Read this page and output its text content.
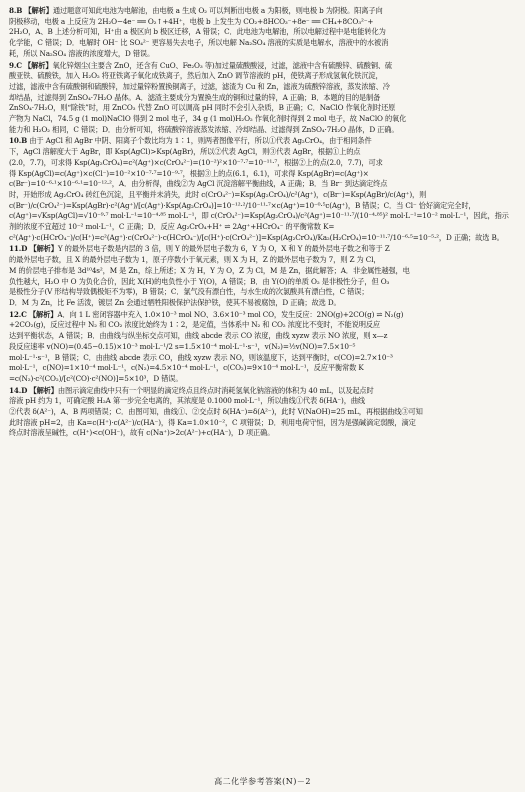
8.B 【解析】通过题意可知此电池为电解池，由电极 a 生成 O₂ 可以判断出电极 a 为阳极，则电极 b 为阴极。阳离子向
阴极移动，电极 a 上反应为 2H₂O−4e⁻ ══ O₂↑+4H⁺，电极 b 上发生为 CO₂+8HCO₃⁻+8e⁻ ══ CH₄+8CO₃²⁻+
2H₂O，A、B 上述分析可知，H⁺由 a 极区向 b 极区迁移，A 错误；C．此电池为电解池，所以电解过程中是电能转化为
化学能，C 错误；D．电解时 OH⁻ 比 SO₄²⁻ 更容易失去电子，所以电解 Na₂SO₄ 溶液的实质是电解水，溶液中的水被消
耗，所以 Na₂SO₄ 溶液的浓度增大，D 错误。
9.C 【解析】氧化锌烟尘(主要含 ZnO，还含有 CuO、Fe₂O₃ 等)加过量硫酸酸浸，过滤，滤液中含有硫酸锌、硫酸铜、硫
酸亚铁、硫酸铁，加入 H₂O₂ 将亚铁离子氧化成铁离子，然后加入 ZnO 调节溶液的 pH，使铁离子形成氢氧化铁沉淀，
过滤，滤液中含有硫酸铜和硫酸锌，加过量锌粉置换铜离子，过滤，滤渣为 Cu 和 Zn，滤液为硫酸锌溶液，蒸发浓缩、冷
却结晶，过滤得到 ZnSO₄·7H₂O 晶体。A．滤渣主要成分为置换生成的铜和过量的锌，A 正确；B．本题的目的是制备
ZnSO₄·7H₂O，则“除铁”时，用 ZnCO₃ 代替 ZnO 可以调高 pH 同时不会引入杂质，B 正确；C．NaClO 作氧化剂时还原
产物为 NaCl，74.5 g (1 mol)NaClO 得到 2 mol 电子，34 g (1 mol)H₂O₂ 作氧化剂时得到 2 mol 电子，故 NaClO 的氧化
能力和 H₂O₂ 相同，C 错误；D．由分析可知，将硫酸锌溶液蒸发浓缩、冷却结晶、过滤得到 ZnSO₄·7H₂O 晶体，D 正确。
10.B 由于 AgCl 和 AgBr 中阴、阳离子个数比均为 1∶1，则两者图像平行，所以①代表 Ag₂CrO₄，由于相同条件
下，AgCl 溶解度大于 AgBr，即 Ksp(AgCl)>Ksp(AgBr)，所以②代表 AgCl，则③代表 AgBr，根据①上的点
(2.0，7.7)，可求得 Ksp(Ag₂CrO₄)=c²(Ag⁺)×c(CrO₄²⁻)=(10⁻²)²×10⁻⁷·⁷=10⁻¹¹·⁷，根据②上的点(2.0，7.7)，可求
得 Ksp(AgCl)=c(Ag⁺)×c(Cl⁻)=10⁻²×10⁻⁷·⁷=10⁻⁹·⁷，根据③上的点(6.1，6.1)，可求得 Ksp(AgBr)=c(Ag⁺)×
c(Br⁻)=10⁻⁶·¹×10⁻⁶·¹=10⁻¹²·²，A．由分析得，曲线②为 AgCl 沉淀溶解平衡曲线，A 正确；B．当 Br⁻ 到达滴定终点
时，开始形成 Ag₂CrO₄ 砖红色沉淀，且平衡并未消失，此时 c(CrO₄²⁻)=Ksp(Ag₂CrO₄)/c²(Ag⁺)，c(Br⁻)=Ksp(AgBr)/c(Ag⁺)，则
c(Br⁻)/c(CrO₄²⁻)=Ksp(AgBr)·c²(Ag⁺)/[c(Ag⁺)·Ksp(Ag₂CrO₄)]=10⁻¹²·²/10⁻¹¹·⁷×c(Ag⁺)=10⁻⁰·⁵c(Ag⁺)，B 错误；C．当 Cl⁻ 恰好滴定完全时，
c(Ag⁺)=√Ksp(AgCl)=√10⁻⁹·⁷ mol·L⁻¹=10⁻⁴·⁸⁵ mol·L⁻¹，即 c(CrO₄²⁻)=Ksp(Ag₂CrO₄)/c²(Ag⁺)=10⁻¹¹·⁷/(10⁻⁴·⁸⁵)² mol·L⁻¹=10⁻² mol·L⁻¹，因此，指示
剂的浓度不宜超过 10⁻² mol·L⁻¹，C 正确；D．反应 Ag₂CrO₄+H⁺ ⇌ 2Ag⁺+HCrO₄⁻ 的平衡常数 K=
c²(Ag⁺)·c(HCrO₄⁻)/c(H⁺)=c²(Ag⁺)·c(CrO₄²⁻)·c(HCrO₄⁻)/[c(H⁺)·c(CrO₄²⁻)]=Ksp(Ag₂CrO₄)/Ka₂(H₂CrO₄)=10⁻¹¹·⁷/10⁻⁶·⁵=10⁻⁵·²，D 正确；故选 B。
11.D 【解析】Y 的最外层电子数是内层的 3 倍，则 Y 的最外层电子数为 6，Y 为 O，X 和 Y 的最外层电子数之和等于 Z
的最外层电子数，且 X 的最外层电子数为 1，原子序数小于氧元素，则 X 为 H，Z 的最外层电子数为 7，则 Z 为 Cl，
M 的价层电子排布是 3d¹⁰4s²，M 是 Zn，综上所述；X 为 H，Y 为 O，Z 为 Cl，M 是 Zn，据此解答；A．非金属性越强，电
负性越大，H₂O 中 O 为负化合价，因此 X(H)的电负性小于 Y(O)，A 错误；B．由 Y(O)的单质 O₂ 是非极性分子，但 O₃
是极性分子(V 形结构导致偶极矩不为零)，B 错误；C．氯气没有漂白性，与水生成的次氯酸具有漂白性，C 错误；
D．M 为 Zn，比 Fe 活泼，镀层 Zn 会通过牺牲阳极保护法保护铁，使其不易被腐蚀，D 正确；故选 D。
12.C 【解析】A．向 1 L 密闭容器中充入 1.0×10⁻³ mol NO、3.6×10⁻³ mol CO，发生反应：2NO(g)+2CO(g) ⇌ N₂(g)
+2CO₂(g)，反应过程中 N₂ 和 CO₂ 浓度比始终为 1∶2，是定值，当体系中 N₂ 和 CO₂ 浓度比不变时，不能说明反应
达到平衡状态，A 错误；B．由曲线与纵坐标交点可知，曲线 abcde 表示 CO 浓度，曲线 xyzw 表示 NO 浓度，则 x—z
段反应速率 v(NO)=(0.45−0.15)×10⁻³ mol·L⁻¹/2 s=1.5×10⁻⁴ mol·L⁻¹·s⁻¹，v(N₂)=½v(NO)=7.5×10⁻⁵
mol·L⁻¹·s⁻¹，B 错误；C．由曲线 abcde 表示 CO，曲线 xyzw 表示 NO，则该温度下，达到平衡时，c(CO)=2.7×10⁻³
mol·L⁻¹，c(NO)=1×10⁻⁴ mol·L⁻¹，c(N₂)=4.5×10⁻⁴ mol·L⁻¹，c(CO₂)=9×10⁻⁴ mol·L⁻¹，反应平衡常数 K
=c(N₂)·c²(CO₂)/[c²(CO)·c²(NO)]=5×10³，D 错误。
14.D 【解析】由图示滴定曲线中只有一个明显的滴定终点且终点时消耗氢氧化钠溶液的体积为 40 mL，以及起点时
溶液 pH 约为 1，可确定酸 H₂A 第一步完全电离的，其浓度是 0.1000 mol·L⁻¹，所以曲线①代表 δ(HA⁻)，曲线
②代表 δ(A²⁻)，A、B 两项错误；C．由图可知，曲线①、②交点时 δ(HA⁻)=δ(A²⁻)，此时 V(NaOH)=25 mL，再根据曲线③可知
此时溶液 pH=2，由 Ka=c(H⁺)·c(A²⁻)/c(HA⁻)，得 Ka=1.0×10⁻²，C 项错误；D．利用电荷守恒，因为是强碱滴定弱酸，滴定
终点时溶液呈碱性，c(H⁺)<c(OH⁻)，故有 c(Na⁺)>2c(A²⁻)+c(HA⁻)，D 项正确。
高二化学参考答案(N)－2
